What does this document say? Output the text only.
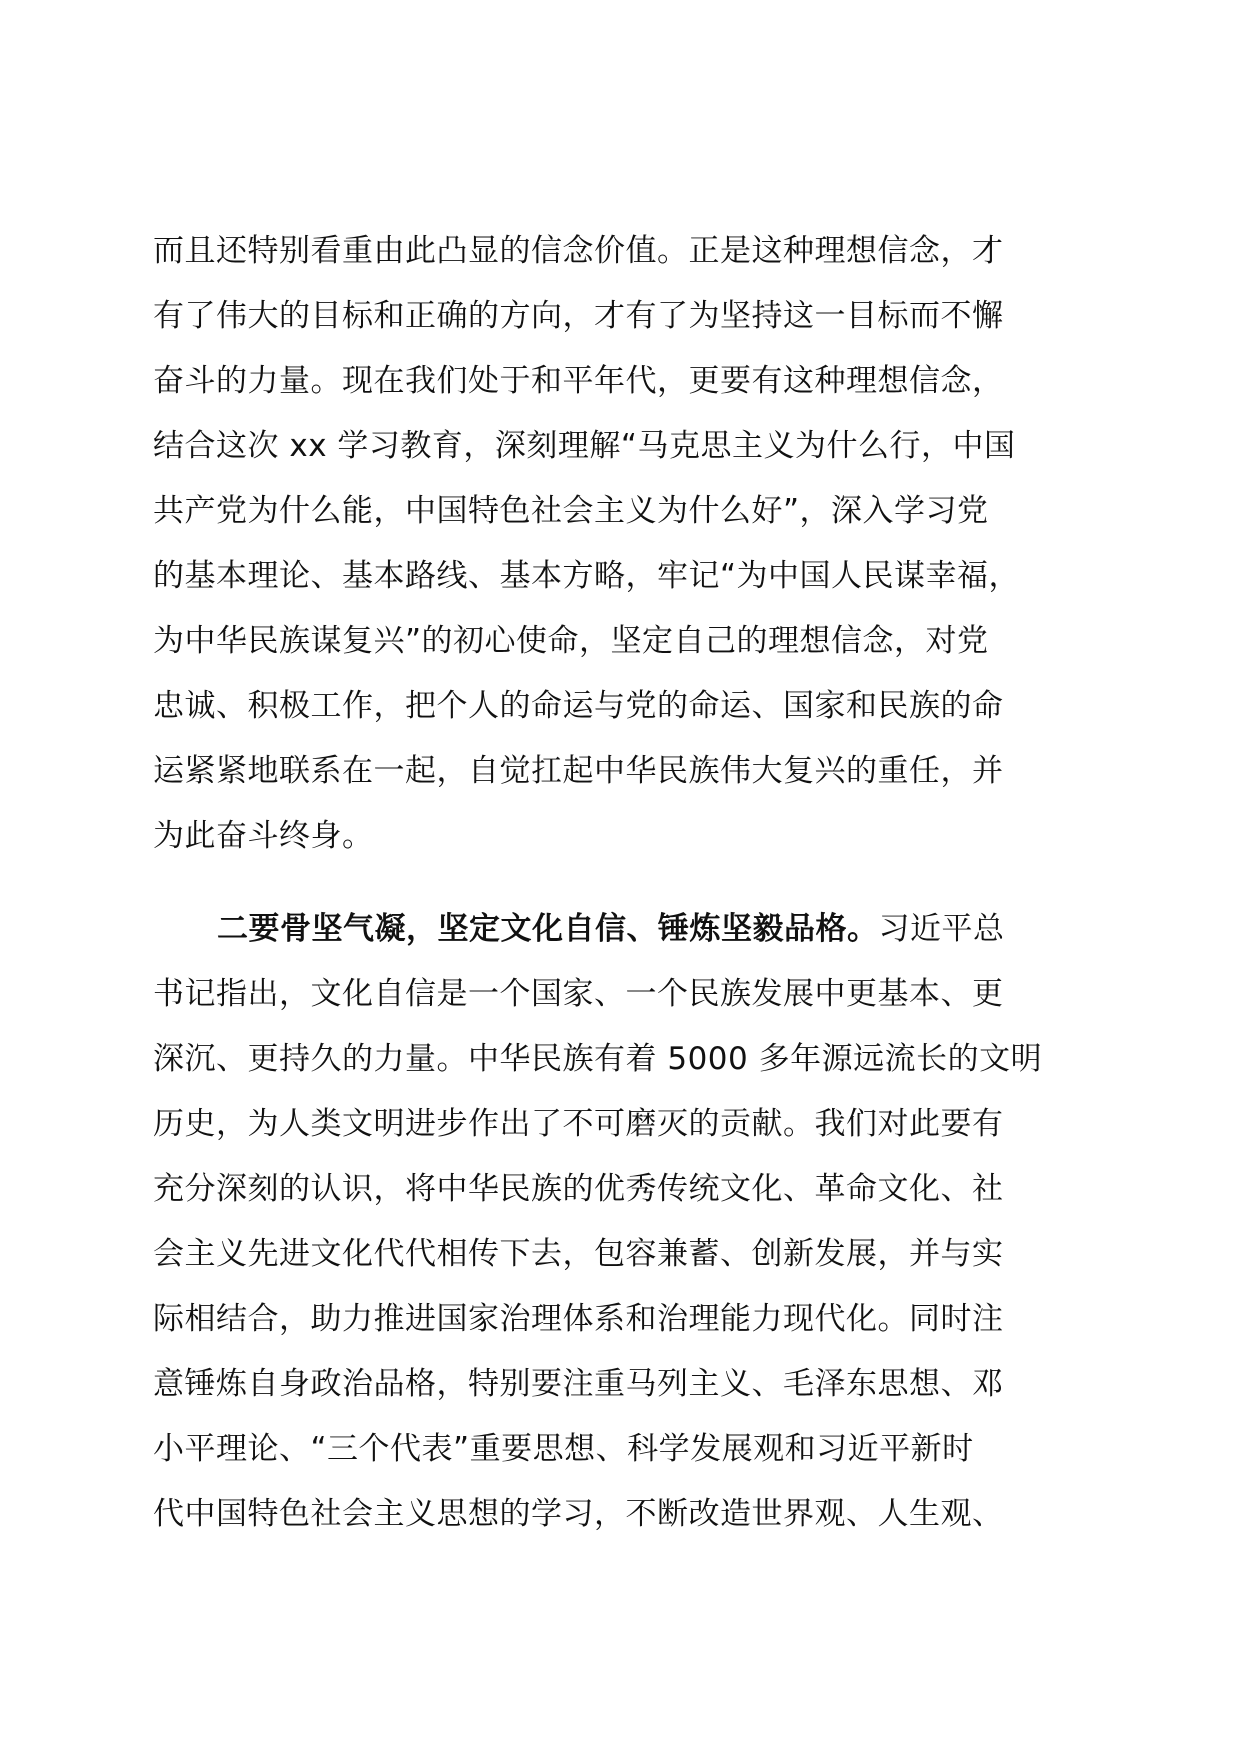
而且还特别看重由此凸显的信念价值。正是这种理想信念，才
有了伟大的目标和正确的方向，才有了为坚持这一目标而不懈
奋斗的力量。现在我们处于和平年代，更要有这种理想信念，
结合这次 xx 学习教育，深刻理解“马克思主义为什么行，中国
共产党为什么能，中国特色社会主义为什么好”，深入学习党
的基本理论、基本路线、基本方略，牢记“为中国人民谋幸福，
为中华民族谋复兴”的初心使命，坚定自己的理想信念，对党
忠诚、积极工作，把个人的命运与党的命运、国家和民族的命
运紧紧地联系在一起，自觉扛起中华民族伟大复兴的重任，并
为此奋斗终身。
二要骨坚气凝，坚定文化自信、锤炼坚毅品格。习近平总
书记指出，文化自信是一个国家、一个民族发展中更基本、更
深沉、更持久的力量。中华民族有着 5000 多年源远流长的文明
历史，为人类文明进步作出了不可磨灭的贡献。我们对此要有
充分深刻的认识，将中华民族的优秀传统文化、革命文化、社
会主义先进文化代代相传下去，包容兼蓄、创新发展，并与实
际相结合，助力推进国家治理体系和治理能力现代化。同时注
意锤炼自身政治品格，特别要注重马列主义、毛泽东思想、邓
小平理论、“三个代表”重要思想、科学发展观和习近平新时
代中国特色社会主义思想的学习，不断改造世界观、人生观、
